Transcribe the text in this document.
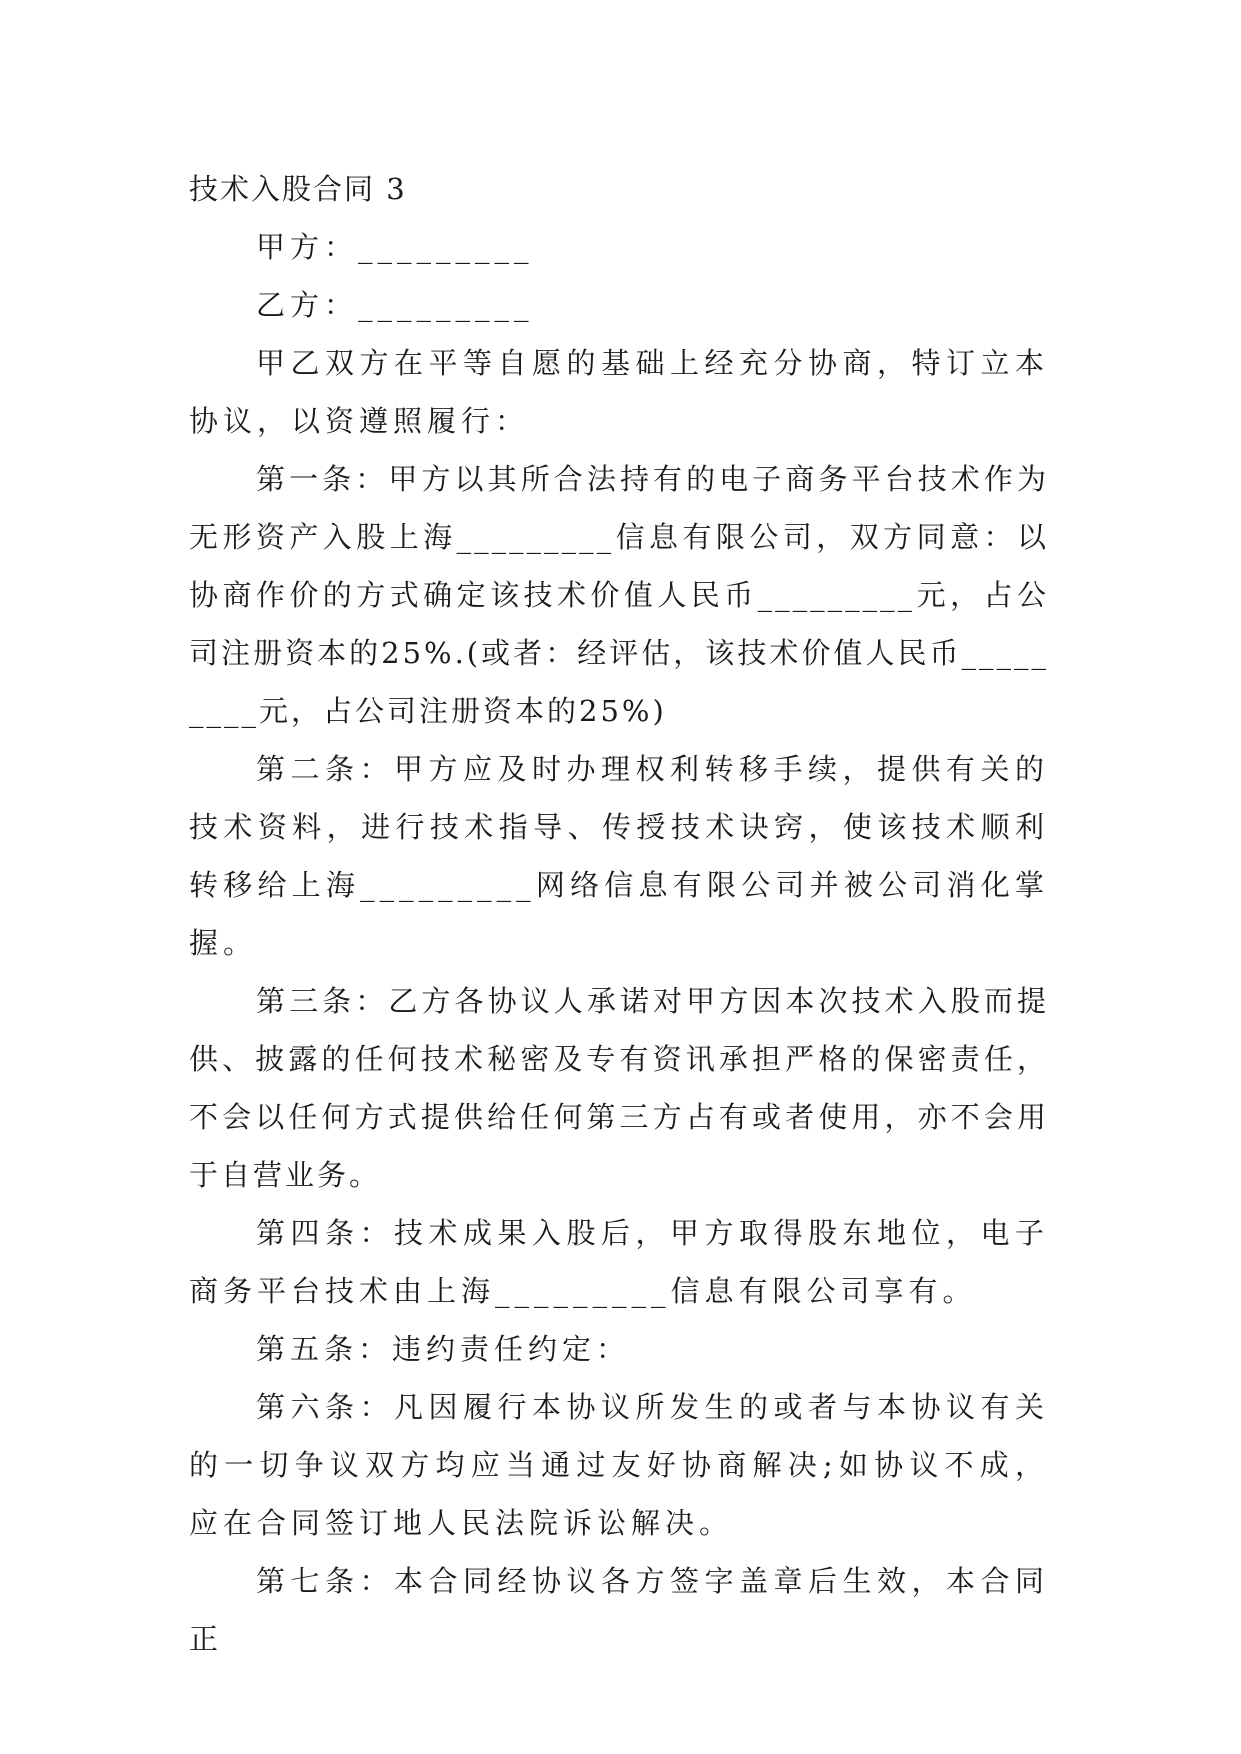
技术入股合同 3

甲方：_________

乙方：_________

甲乙双方在平等自愿的基础上经充分协商，特订立本协议，以资遵照履行：

第一条：甲方以其所合法持有的电子商务平台技术作为无形资产入股上海_________信息有限公司，双方同意：以协商作价的方式确定该技术价值人民币_________元，占公司注册资本的25%.(或者：经评估，该技术价值人民币_________元，占公司注册资本的25%)

第二条：甲方应及时办理权利转移手续，提供有关的技术资料，进行技术指导、传授技术诀窍，使该技术顺利转移给上海_________网络信息有限公司并被公司消化掌握。

第三条：乙方各协议人承诺对甲方因本次技术入股而提供、披露的任何技术秘密及专有资讯承担严格的保密责任，不会以任何方式提供给任何第三方占有或者使用，亦不会用于自营业务。

第四条：技术成果入股后，甲方取得股东地位，电子商务平台技术由上海_________信息有限公司享有。

第五条：违约责任约定：

第六条：凡因履行本协议所发生的或者与本协议有关的一切争议双方均应当通过友好协商解决;如协议不成，应在合同签订地人民法院诉讼解决。

第七条：本合同经协议各方签字盖章后生效，本合同正
